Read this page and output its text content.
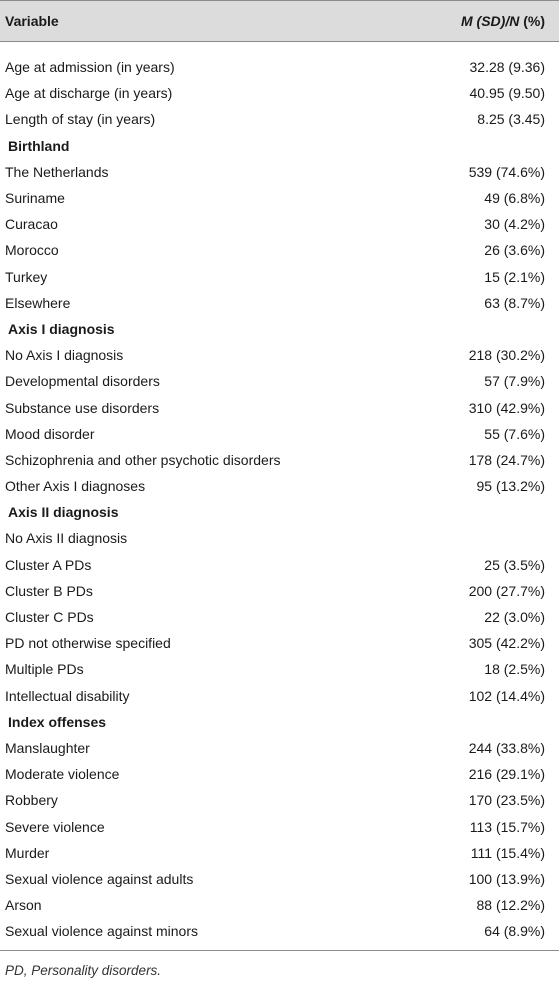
Variable	M (SD)/N (%)
Age at admission (in years)	32.28 (9.36)
Age at discharge (in years)	40.95 (9.50)
Length of stay (in years)	8.25 (3.45)
Birthland
The Netherlands	539 (74.6%)
Suriname	49 (6.8%)
Curacao	30 (4.2%)
Morocco	26 (3.6%)
Turkey	15 (2.1%)
Elsewhere	63 (8.7%)
Axis I diagnosis
No Axis I diagnosis	218 (30.2%)
Developmental disorders	57 (7.9%)
Substance use disorders	310 (42.9%)
Mood disorder	55 (7.6%)
Schizophrenia and other psychotic disorders	178 (24.7%)
Other Axis I diagnoses	95 (13.2%)
Axis II diagnosis
No Axis II diagnosis
Cluster A PDs	25 (3.5%)
Cluster B PDs	200 (27.7%)
Cluster C PDs	22 (3.0%)
PD not otherwise specified	305 (42.2%)
Multiple PDs	18 (2.5%)
Intellectual disability	102 (14.4%)
Index offenses
Manslaughter	244 (33.8%)
Moderate violence	216 (29.1%)
Robbery	170 (23.5%)
Severe violence	113 (15.7%)
Murder	111 (15.4%)
Sexual violence against adults	100 (13.9%)
Arson	88 (12.2%)
Sexual violence against minors	64 (8.9%)
PD, Personality disorders.
